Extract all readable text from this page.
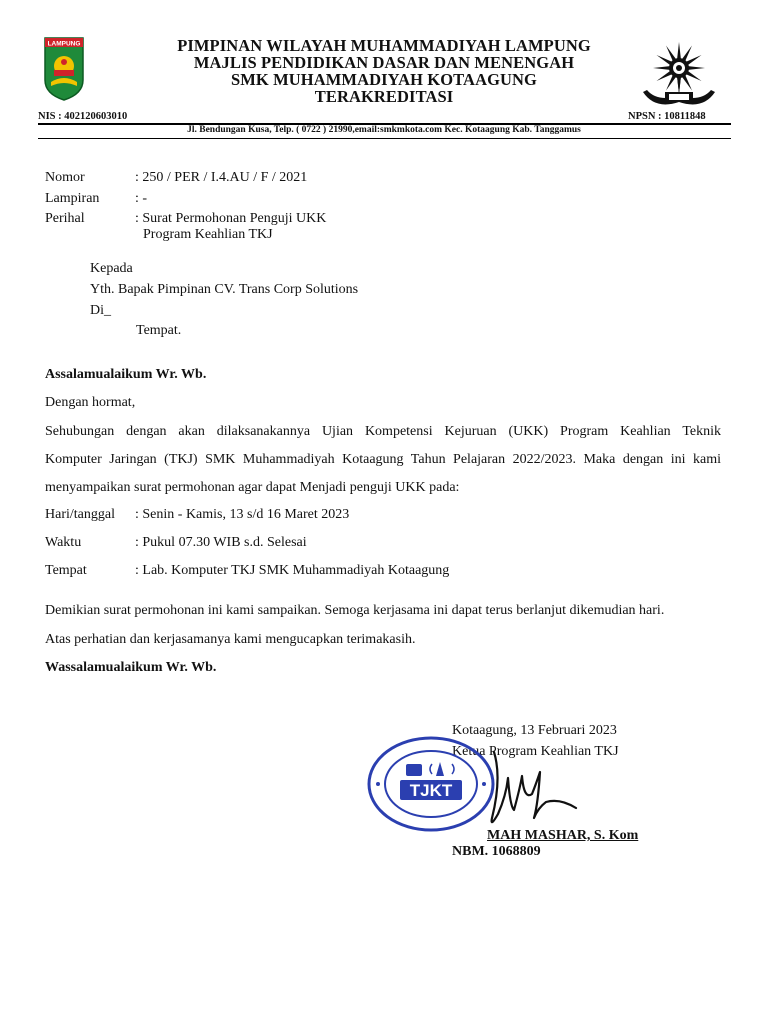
LAMPUNG	PIMPINAN WILAYAH MUHAMMADIYAH LAMPUNG
MAJLIS PENDIDIKAN DASAR DAN MENENGAH
SMK MUHAMMADIYAH KOTAAGUNG
TERAKREDITASI
NIS : 402120603010	NPSN : 10811848
Jl. Bendungan Kusa, Telp. ( 0722 ) 21990,email:smkmkota.com Kec. Kotaagung Kab. Tanggamus
Nomor	: 250 / PER / I.4.AU / F / 2021
Lampiran	: -
Perihal	: Surat Permohonan Penguji UKK
Program Keahlian TKJ
Kepada
Yth. Bapak Pimpinan CV. Trans Corp Solutions
Di_
Tempat.
Assalamualaikum Wr. Wb.
Dengan hormat,
Sehubungan dengan akan dilaksanakannya Ujian Kompetensi Kejuruan (UKK) Program Keahlian Teknik
Komputer Jaringan (TKJ) SMK Muhammadiyah Kotaagung Tahun Pelajaran 2022/2023. Maka dengan ini kami
menyampaikan surat permohonan agar dapat Menjadi penguji UKK pada:
Hari/tanggal : Senin - Kamis, 13 s/d 16 Maret 2023
Waktu	: Pukul 07.30 WIB s.d. Selesai
Tempat	: Lab. Komputer TKJ SMK Muhammadiyah Kotaagung
Demikian surat permohonan ini kami sampaikan. Semoga kerjasama ini dapat terus berlanjut dikemudian hari.
Atas perhatian dan kerjasamanya kami mengucapkan terimakasih.
Wassalamualaikum Wr. Wb.
Kotaagung, 13 Februari 2023
Ketua Program Keahlian TKJ
TJKT
MAH MASHAR, S. Kom
NBM. 1068809
